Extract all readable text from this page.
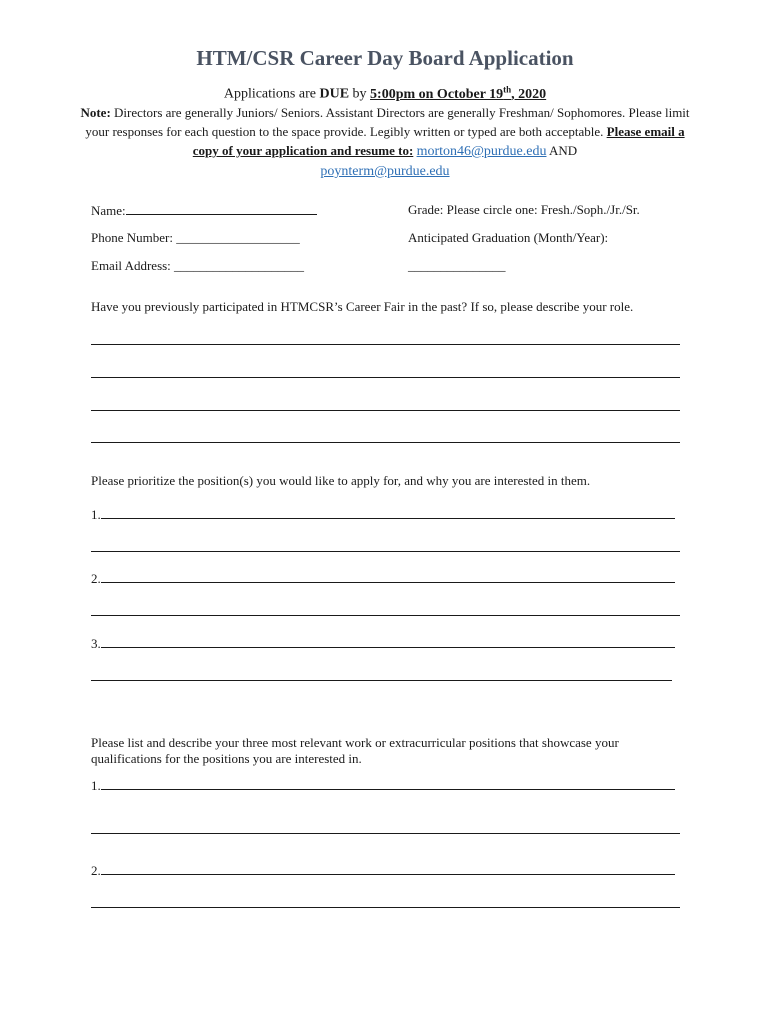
HTM/CSR Career Day Board Application
Applications are DUE by 5:00pm on October 19th, 2020
Note: Directors are generally Juniors/ Seniors. Assistant Directors are generally Freshman/ Sophomores. Please limit your responses for each question to the space provide. Legibly written or typed are both acceptable. Please email a copy of your application and resume to: morton46@purdue.edu AND
poynterm@purdue.edu
Name:	Grade: Please circle one: Fresh./Soph./Jr./Sr.
Phone Number: ___________________	Anticipated Graduation (Month/Year):
Email Address: ____________________	_______________
Have you previously participated in HTMCSR’s Career Fair in the past? If so, please describe your role.
Please prioritize the position(s) you would like to apply for, and why you are interested in them.
1.
2.
3.
Please list and describe your three most relevant work or extracurricular positions that showcase your qualifications for the positions you are interested in.
1.
2.
